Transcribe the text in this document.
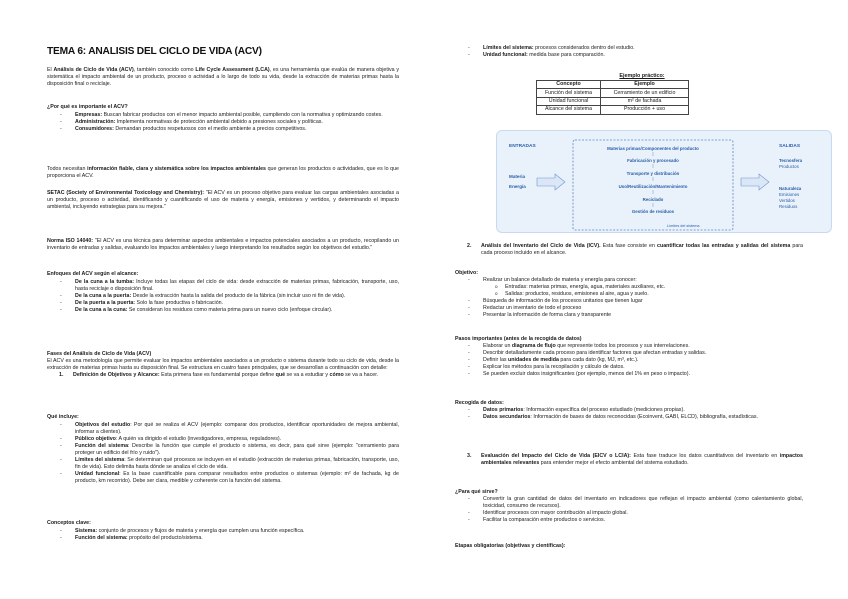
TEMA 6: ANALISIS DEL CICLO DE VIDA (ACV)

El Análisis de Ciclo de Vida (ACV), también conocido como Life Cycle Assessment (LCA), es una herramienta que evalúa de manera objetiva y sistemática el impacto ambiental de un producto, proceso o actividad a lo largo de todo su vida, desde la extracción de materias primas hasta la disposición final o reciclaje.

¿Por qué es importante el ACV?

- Empresas: Buscan fabricar productos con el menor impacto ambiental posible, cumpliendo con la normativa y optimizando costes.
- Administración: Implementa normativas de protección ambiental debido a presiones sociales y políticas.
- Consumidores: Demandan productos respetuosos con el medio ambiente a precios competitivos.

Todos necesitan información fiable, clara y sistemática sobre los impactos ambientales que generan los productos o actividades, que es lo que proporciona el ACV.

SETAC (Society of Environmental Toxicology and Chemistry): "El ACV es un proceso objetivo para evaluar las cargas ambientales asociadas a un producto, proceso o actividad, identificando y cuantificando el uso de materia y energía, emisiones y vertidos, y determinando el impacto ambiental, incluyendo estrategias para su mejora."

Norma ISO 14040: "El ACV es una técnica para determinar aspectos ambientales e impactos potenciales asociados a un producto, recopilando un inventario de entradas y salidas, evaluando los impactos ambientales y luego interpretando los resultados según los objetivos del estudio."

Enfoques del ACV según el alcance:

- De la cuna a la tumba: Incluye todas las etapas del ciclo de vida: desde extracción de materias primas, fabricación, transporte, uso, hasta reciclaje o disposición final.
- De la cuna a la puerta: Desde la extracción hasta la salida del producto de la fábrica (sin incluir uso ni fin de vida).
- De la puerta a la puerta: Solo la fase productiva o fabricación.
- De la cuna a la cuna: Se consideran los residuos como materia prima para un nuevo ciclo (enfoque circular).

Fases del Análisis de Ciclo de Vida (ACV)

El ACV es una metodología que permite evaluar los impactos ambientales asociados a un producto o sistema durante todo su ciclo de vida, desde la extracción de materias primas hasta su disposición final. Se estructura en cuatro fases principales, que se desarrollan a continuación con detalle:

1. Definición de Objetivos y Alcance: Esta primera fase es fundamental porque define qué se va a estudiar y cómo se va a hacer.

Qué incluye:

- Objetivos del estudio: Por qué se realiza el ACV (ejemplo: comparar dos productos, identificar oportunidades de mejora ambiental, informar a clientes).
- Público objetivo: A quién va dirigido el estudio (investigadores, empresa, reguladores).
- Función del sistema: Describe la función que cumple el producto o sistema, es decir, para qué sirve (ejemplo: "cerramiento para proteger un edificio del frío y ruido").
- Límites del sistema: Se determinan qué procesos se incluyen en el estudio (extracción de materias primas, fabricación, transporte, uso, fin de vida). Esto delimita hasta dónde se analiza el ciclo de vida.
- Unidad funcional: Es la base cuantificable para comparar resultados entre productos o sistemas (ejemplo: m² de fachada, kg de producto, km recorrido). Debe ser clara, medible y coherente con la función del sistema.

Conceptos clave:

- Sistema: conjunto de procesos y flujos de materia y energía que cumplen una función específica.
- Función del sistema: propósito del producto/sistema.
- Límites del sistema: procesos considerados dentro del estudio.
- Unidad funcional: medida base para comparación.
Ejemplo práctico:
Concepto	Ejemplo
Función del sistema	Cerramiento de un edificio
Unidad funcional	m² de fachada
Alcance del sistema	Producción + uso
ENTRADAS
Materia
Energía
Materias primas/Componentes del producto
Fabricación y procesado
Transporte y distribución
Uso/Reutilización/Mantenimiento
Reciclado
Gestión de residuos
Límites del sistema
SALIDAS
Tecnosfera
Productos
Naturaleza
Emisiones
Vertidos
Residuos
2. Análisis del Inventario del Ciclo de Vida (ICV). Esta fase consiste en cuantificar todas las entradas y salidas del sistema para cada proceso incluido en el alcance.

Objetivo:

- Realizar un balance detallado de materia y energía para conocer:
o Entradas: materias primas, energía, agua, materiales auxiliares, etc.
o Salidas: productos, residuos, emisiones al aire, agua y suelo.
- Búsqueda de información de los procesos unitarios que tienen lugar
- Redactar un inventario de todo el proceso
- Presentar la información de forma clara y transparente

Pasos importantes (antes de la recogida de datos)

- Elaborar un diagrama de flujo que represente todos los procesos y sus interrelaciones.
- Describir detalladamente cada proceso para identificar factores que afectan entradas y salidas.
- Definir las unidades de medida para cada dato (kg, MJ, m³, etc.).
- Explicar los métodos para la recopilación y cálculo de datos.
- Se pueden excluir datos insignificantes (por ejemplo, menos del 1% en peso o impacto).

Recogida de datos:

- Datos primarios: Información específica del proceso estudiado (mediciones propias).
- Datos secundarios: Información de bases de datos reconocidas (Ecoinvent, GABI, ELCD), bibliografía, estadísticas.
3. Evaluación del Impacto del Ciclo de Vida (EICV o LCIA): Esta fase traduce los datos cuantitativos del inventario en impactos ambientales relevantes para entender mejor el efecto ambiental del sistema estudiado.

¿Para qué sirve?

- Convertir la gran cantidad de datos del inventario en indicadores que reflejan el impacto ambiental (como calentamiento global, toxicidad, consumo de recursos).
- Identificar procesos con mayor contribución al impacto global.
- Facilitar la comparación entre productos o servicios.

Etapas obligatorias (objetivas y científicas):
